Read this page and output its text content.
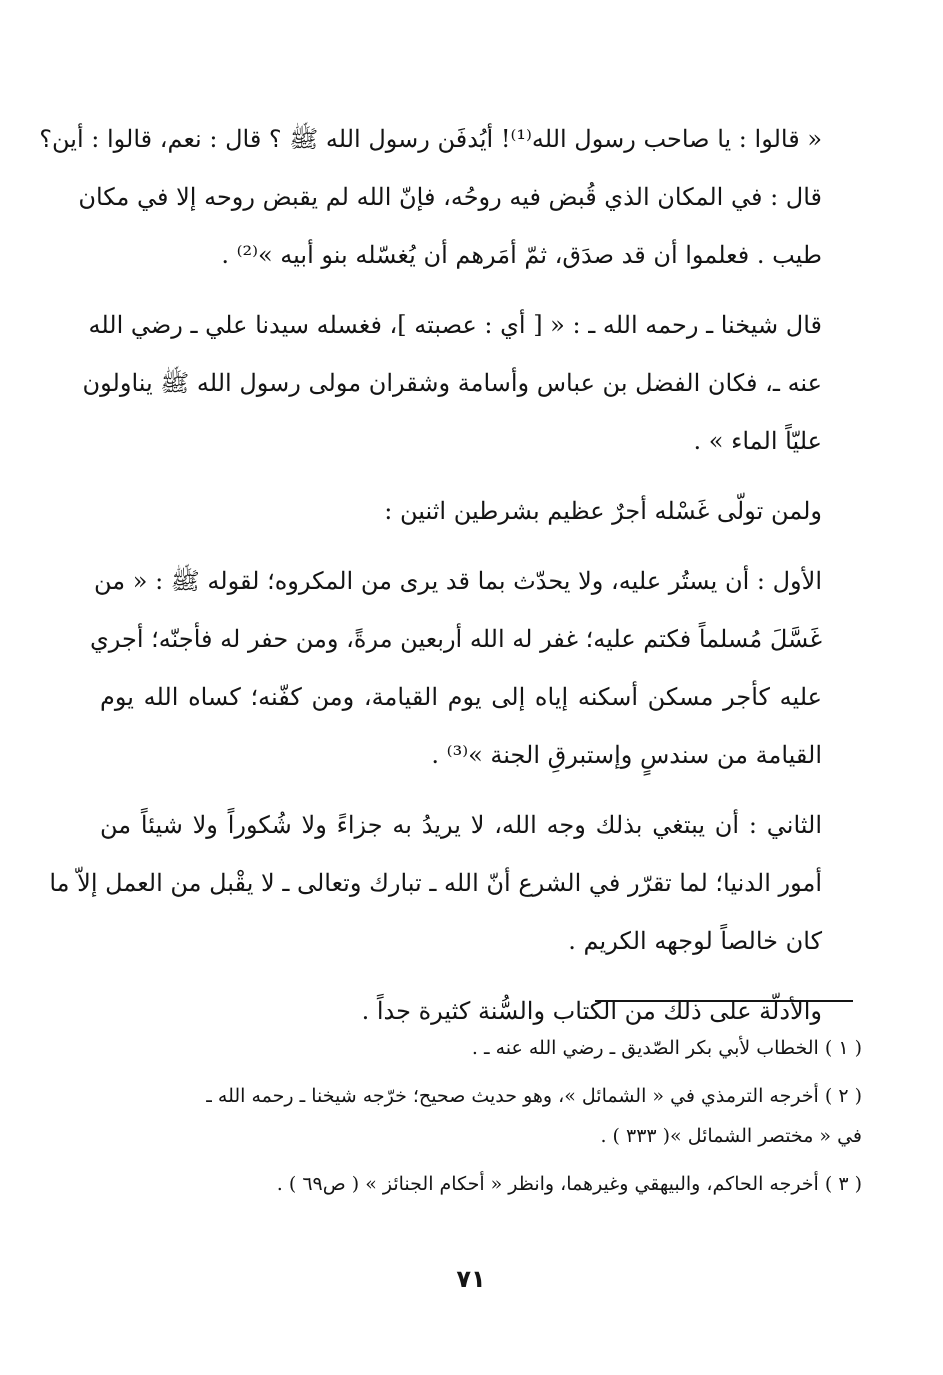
« قالوا : يا صاحب رسول الله⁽¹⁾! أيُدفَن رسول الله ﷺ ؟ قال : نعم، قالوا : أين؟
قال : في المكان الذي قُبض فيه روحُه، فإنّ الله لم يقبض روحه إلا في مكان
طيب . فعلموا أن قد صدَق، ثمّ أمَرهم أن يُغسّله بنو أبيه »⁽²⁾ .
قال شيخنا ـ رحمه الله ـ : « [ أي : عصبته ]، فغسله سيدنا علي ـ رضي الله
عنه ـ، فكان الفضل بن عباس وأسامة وشقران مولى رسول الله ﷺ يناولون
عليّاً الماء » .
ولمن تولّى غَسْله أجرٌ عظيم بشرطين اثنين :
الأول : أن يستُر عليه، ولا يحدّث بما قد يرى من المكروه؛ لقوله ﷺ : « من
غَسَّلَ مُسلماً فكتم عليه؛ غفر له الله أربعين مرةً، ومن حفر له فأجنّه؛ أجري
عليه كأجر مسكن أسكنه إياه إلى يوم القيامة، ومن كفّنه؛ كساه الله يوم
القيامة من سندسٍ وإستبرقِ الجنة »⁽³⁾ .
الثاني : أن يبتغي بذلك وجه الله، لا يريدُ به جزاءً ولا شُكوراً ولا شيئاً من
أمور الدنيا؛ لما تقرّر في الشرع أنّ الله ـ تبارك وتعالى ـ لا يقْبل من العمل إلاّ ما
كان خالصاً لوجهه الكريم .
والأدلّة على ذلك من الكتاب والسُّنة كثيرة جداً .
( ١ ) الخطاب لأبي بكر الصّديق ـ رضي الله عنه ـ .
( ٢ ) أخرجه الترمذي في « الشمائل »، وهو حديث صحيح؛ خرّجه شيخنا ـ رحمه الله ـ
في « مختصر الشمائل »( ٣٣٣ ) .
( ٣ ) أخرجه الحاكم، والبيهقي وغيرهما، وانظر « أحكام الجنائز » ( ص٦٩ ) .
٧١
